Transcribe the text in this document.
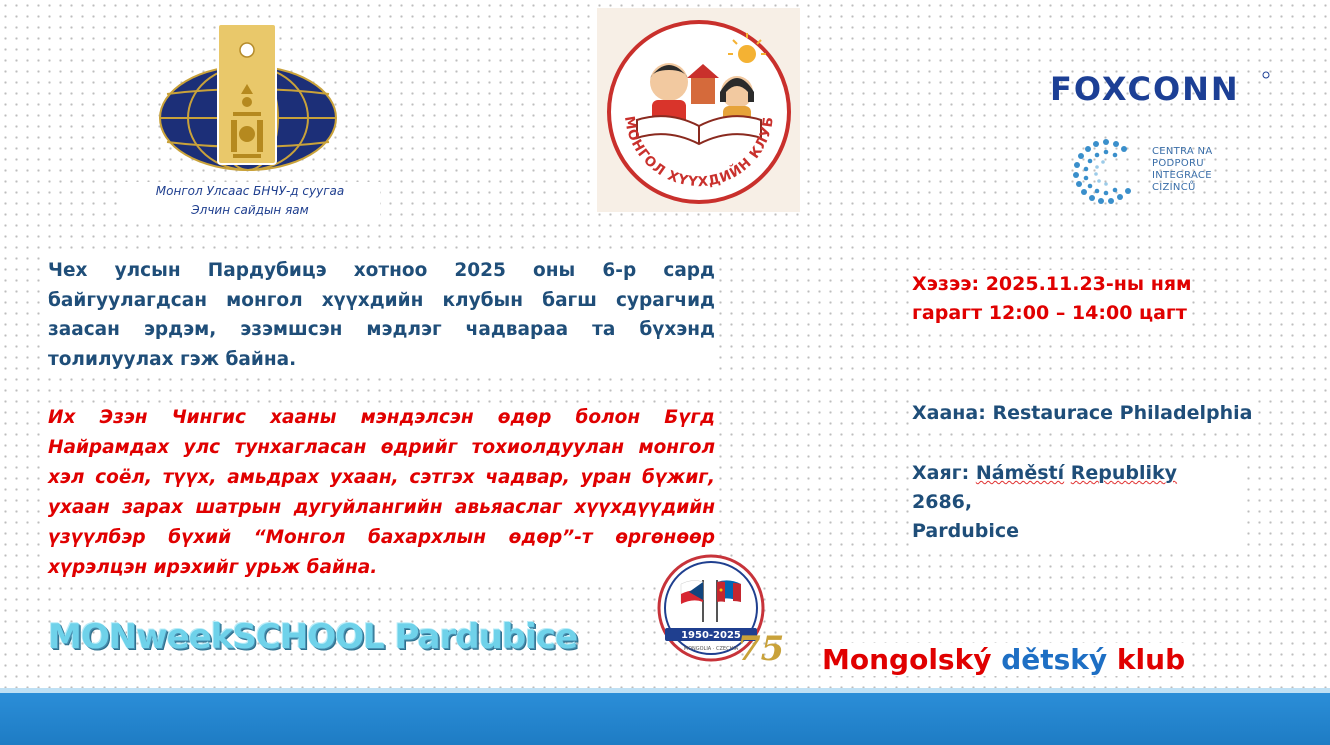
Монгол Улсаас БНЧУ-д суугаа
Элчин сайдын яам
МОНГОЛ ХҮҮХДИЙН КЛУБ
FOXCONN
CENTRA NA
PODPORU
INTEGRACE
CIZINCŮ
Чех улсын Пардубицэ хотноо 2025 оны 6-р сард байгуулагдсан монгол хүүхдийн клубын багш сурагчид заасан эрдэм, эзэмшсэн мэдлэг чадвараа та бүхэнд толилуулах гэж байна.
Их Эзэн Чингис хааны мэндэлсэн өдөр болон Бүгд Найрамдах улс тунхагласан өдрийг тохиолдуулан монгол хэл соёл, түүх, амьдрах ухаан, сэтгэх чадвар, уран бүжиг, ухаан зарах шатрын дугуйлангийн авьяаслаг хүүхдүүдийн үзүүлбэр бүхий “Монгол бахархлын өдөр”-т өргөнөөр хүрэлцэн ирэхийг урьж байна.
Хэзээ: 2025.11.23-ны ням
гарагт 12:00 – 14:00 цагт
Хаана: Restaurace Philadelphia
Хаяг: Náměstí Republiky 2686,
Pardubice
1950-2025
MONGOLIA · CZECHIA
75
MONweekSCHOOL Pardubice
Mongolský dětský klub
